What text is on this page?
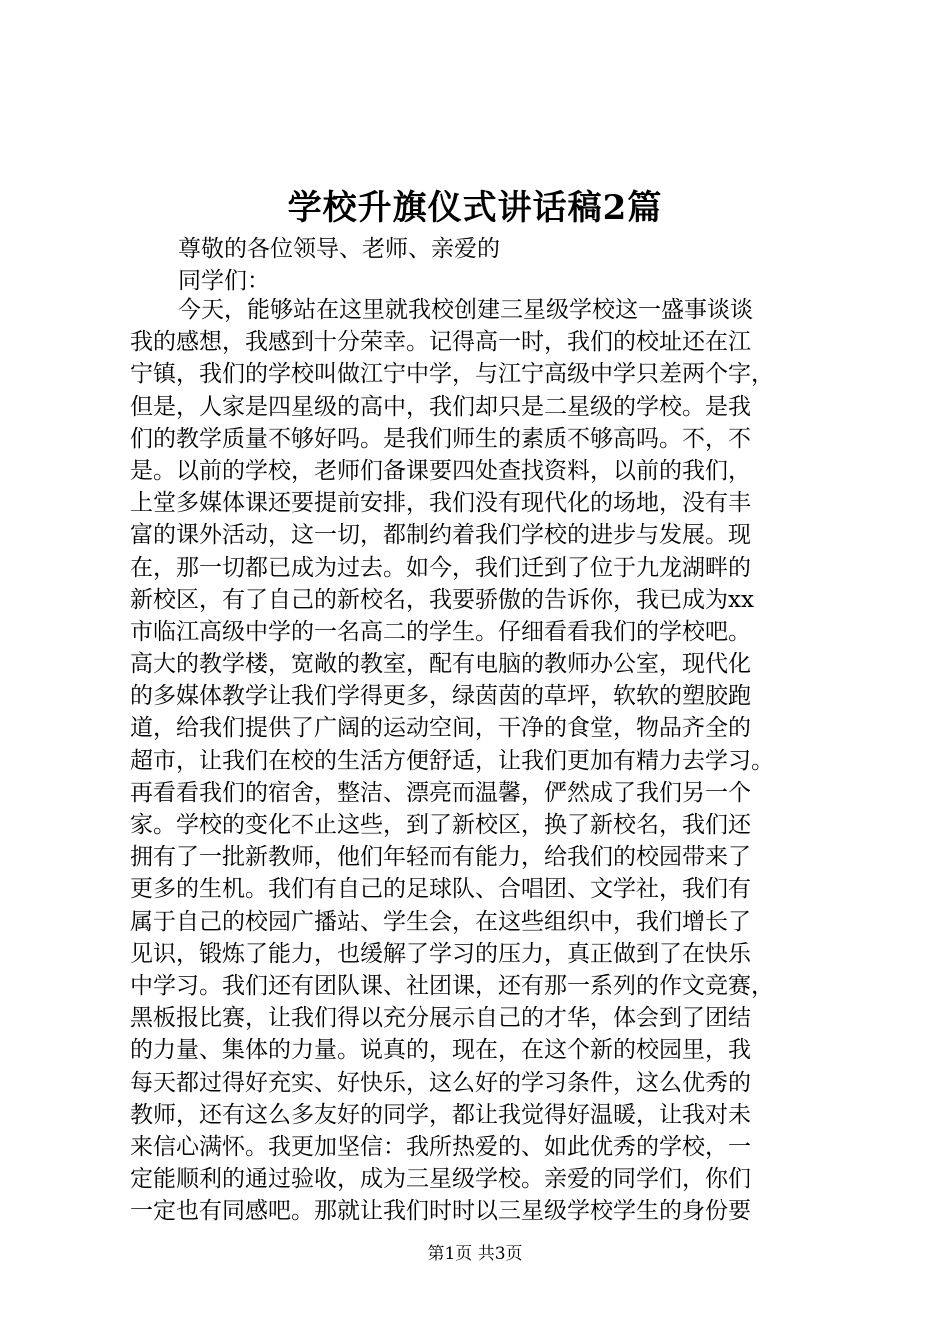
学校升旗仪式讲话稿2篇
尊敬的各位领导、老师、亲爱的
同学们：
今天，能够站在这里就我校创建三星级学校这一盛事谈谈
我的感想，我感到十分荣幸。记得高一时，我们的校址还在江
宁镇，我们的学校叫做江宁中学，与江宁高级中学只差两个字，
但是，人家是四星级的高中，我们却只是二星级的学校。是我
们的教学质量不够好吗。是我们师生的素质不够高吗。不，不
是。以前的学校，老师们备课要四处查找资料，以前的我们，
上堂多媒体课还要提前安排，我们没有现代化的场地，没有丰
富的课外活动，这一切，都制约着我们学校的进步与发展。现
在，那一切都已成为过去。如今，我们迁到了位于九龙湖畔的
新校区，有了自己的新校名，我要骄傲的告诉你，我已成为xx
市临江高级中学的一名高二的学生。仔细看看我们的学校吧。
高大的教学楼，宽敞的教室，配有电脑的教师办公室，现代化
的多媒体教学让我们学得更多，绿茵茵的草坪，软软的塑胶跑
道，给我们提供了广阔的运动空间，干净的食堂，物品齐全的
超市，让我们在校的生活方便舒适，让我们更加有精力去学习。
再看看我们的宿舍，整洁、漂亮而温馨，俨然成了我们另一个
家。学校的变化不止这些，到了新校区，换了新校名，我们还
拥有了一批新教师，他们年轻而有能力，给我们的校园带来了
更多的生机。我们有自己的足球队、合唱团、文学社，我们有
属于自己的校园广播站、学生会，在这些组织中，我们增长了
见识，锻炼了能力，也缓解了学习的压力，真正做到了在快乐
中学习。我们还有团队课、社团课，还有那一系列的作文竞赛，
黑板报比赛，让我们得以充分展示自己的才华，体会到了团结
的力量、集体的力量。说真的，现在，在这个新的校园里，我
每天都过得好充实、好快乐，这么好的学习条件，这么优秀的
教师，还有这么多友好的同学，都让我觉得好温暖，让我对未
来信心满怀。我更加坚信：我所热爱的、如此优秀的学校，一
定能顺利的通过验收，成为三星级学校。亲爱的同学们，你们
一定也有同感吧。那就让我们时时以三星级学校学生的身份要
第1页 共3页
